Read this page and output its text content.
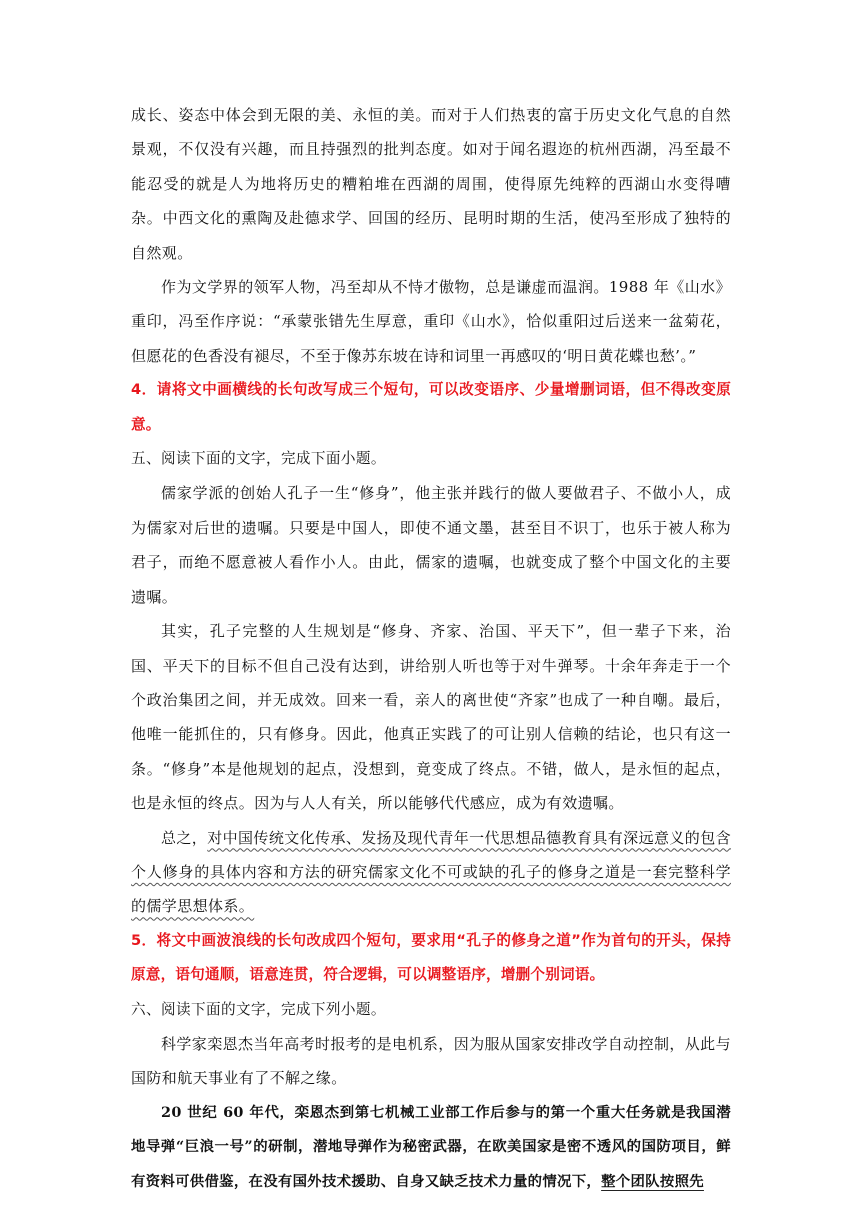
成长、姿态中体会到无限的美、永恒的美。而对于人们热衷的富于历史文化气息的自然景观，不仅没有兴趣，而且持强烈的批判态度。如对于闻名遐迩的杭州西湖，冯至最不能忍受的就是人为地将历史的糟粕堆在西湖的周围，使得原先纯粹的西湖山水变得嘈杂。中西文化的熏陶及赴德求学、回国的经历、昆明时期的生活，使冯至形成了独特的自然观。

作为文学界的领军人物，冯至却从不恃才傲物，总是谦虚而温润。1988 年《山水》重印，冯至作序说：“承蒙张错先生厚意，重印《山水》，恰似重阳过后送来一盆菊花，但愿花的色香没有褪尽，不至于像苏东坡在诗和词里一再感叹的‘明日黄花蝶也愁’。”

4．请将文中画横线的长句改写成三个短句，可以改变语序、少量增删词语，但不得改变原意。

五、阅读下面的文字，完成下面小题。

儒家学派的创始人孔子一生“修身”，他主张并践行的做人要做君子、不做小人，成为儒家对后世的遗嘱。只要是中国人，即使不通文墨，甚至目不识丁，也乐于被人称为君子，而绝不愿意被人看作小人。由此，儒家的遗嘱，也就变成了整个中国文化的主要遗嘱。

其实，孔子完整的人生规划是“修身、齐家、治国、平天下”，但一辈子下来，治国、平天下的目标不但自己没有达到，讲给别人听也等于对牛弹琴。十余年奔走于一个个政治集团之间，并无成效。回来一看，亲人的离世使“齐家”也成了一种自嘲。最后，他唯一能抓住的，只有修身。因此，他真正实践了的可让别人信赖的结论，也只有这一条。“修身”本是他规划的起点，没想到，竟变成了终点。不错，做人，是永恒的起点，也是永恒的终点。因为与人人有关，所以能够代代感应，成为有效遗嘱。

总之，对中国传统文化传承、发扬及现代青年一代思想品德教育具有深远意义的包含个人修身的具体内容和方法的研究儒家文化不可或缺的孔子的修身之道是一套完整科学的儒学思想体系。

5．将文中画波浪线的长句改成四个短句，要求用“孔子的修身之道”作为首句的开头，保持原意，语句通顺，语意连贯，符合逻辑，可以调整语序，增删个别词语。

六、阅读下面的文字，完成下列小题。

科学家栾恩杰当年高考时报考的是电机系，因为服从国家安排改学自动控制，从此与国防和航天事业有了不解之缘。

20 世纪 60 年代，栾恩杰到第七机械工业部工作后参与的第一个重大任务就是我国潜地导弹“巨浪一号”的研制，潜地导弹作为秘密武器，在欧美国家是密不透风的国防项目，鲜有资料可供借鉴，在没有国外技术援助、自身又缺乏技术力量的情况下，整个团队按照先
